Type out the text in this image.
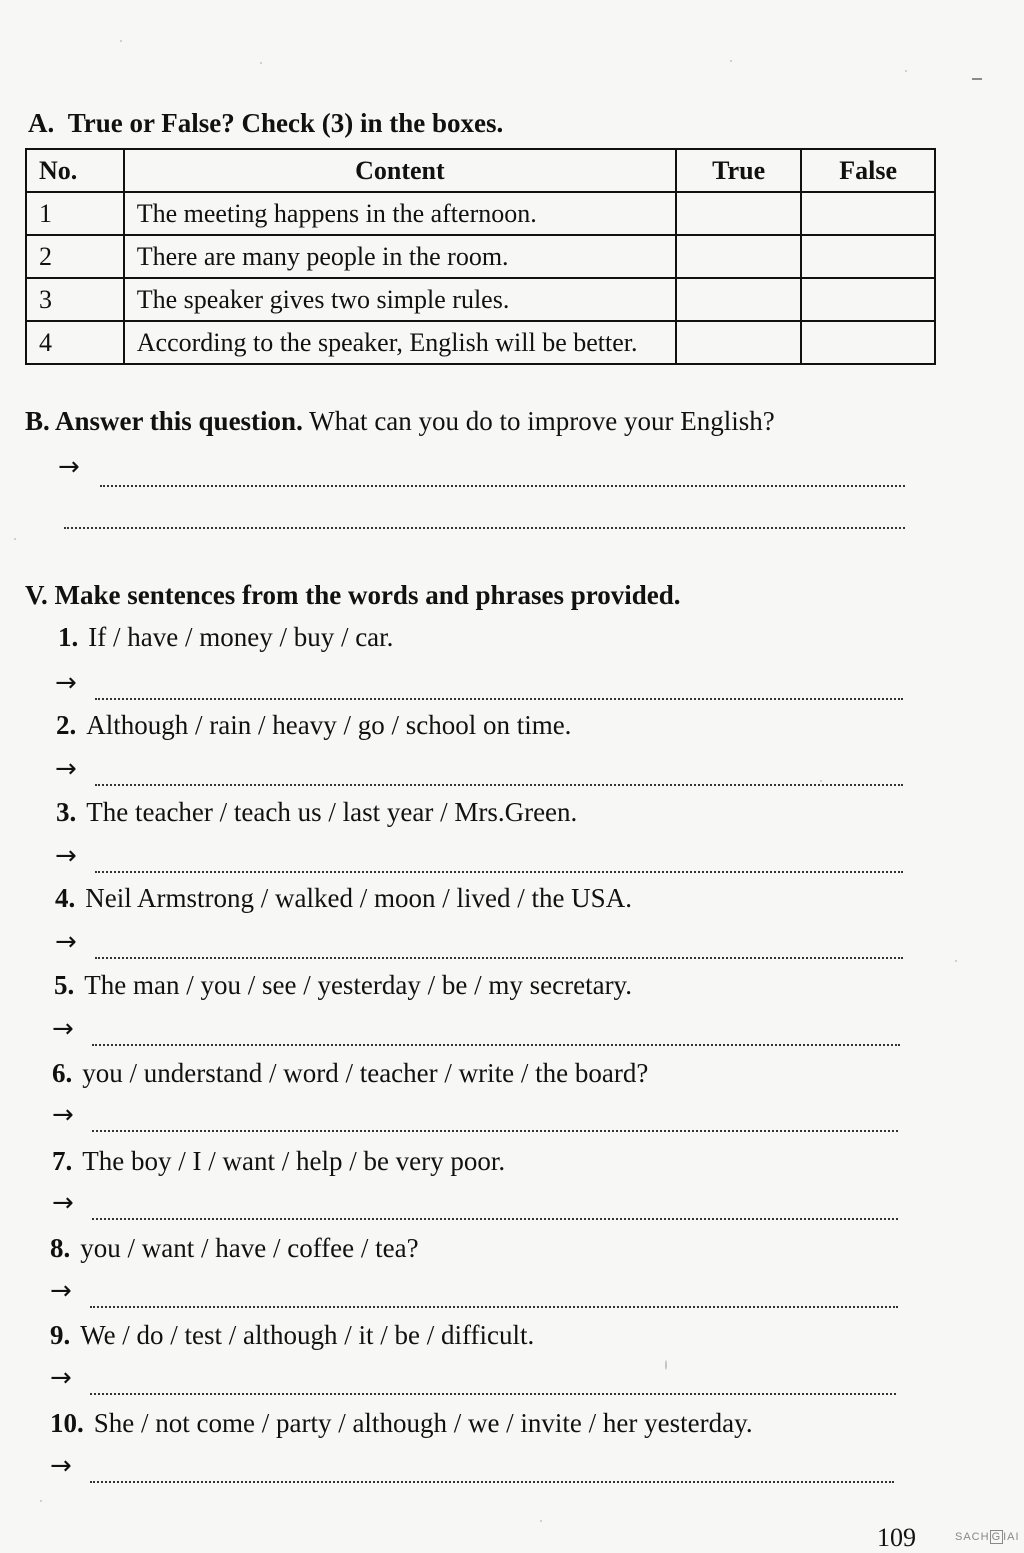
A. True or False? Check (3) in the boxes.
No.	Content	True	False
1	The meeting happens in the afternoon.		
2	There are many people in the room.		
3	The speaker gives two simple rules.		
4	According to the speaker, English will be better.		
B. Answer this question. What can you do to improve your English?
→
V. Make sentences from the words and phrases provided.
1. If / have / money / buy / car.
→
2. Although / rain / heavy / go / school on time.
→
3. The teacher / teach us / last year / Mrs.Green.
→
4. Neil Armstrong / walked / moon / lived / the USA.
→
5. The man / you / see / yesterday / be / my secretary.
→
6. you / understand / word / teacher / write / the board?
→
7. The boy / I / want / help / be very poor.
→
8. you / want / have / coffee / tea?
→
9. We / do / test / although / it / be / difficult.
→
10. She / not come / party / although / we / invite / her yesterday.
→
109	SACH G IAI
